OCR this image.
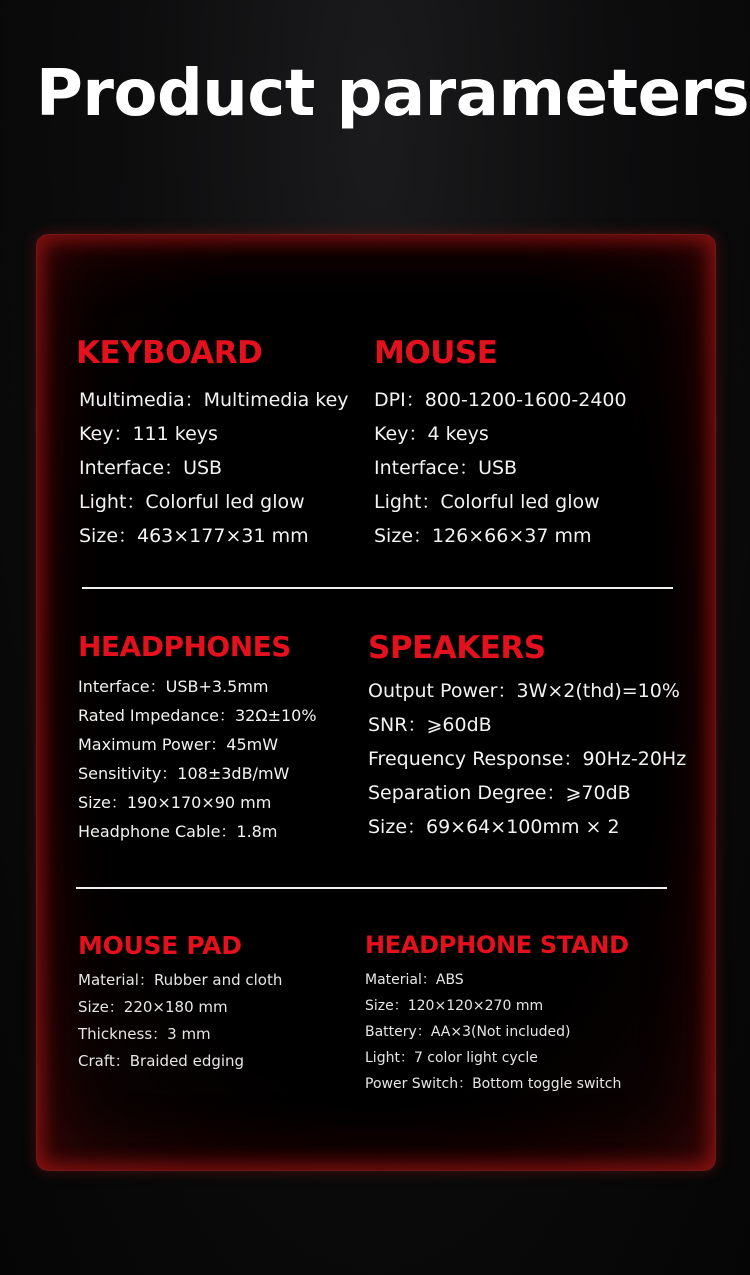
Product parameters
KEYBOARD
Multimedia：Multimedia key
Key：111 keys
Interface：USB
Light：Colorful led glow
Size：463×177×31 mm
MOUSE
DPI：800-1200-1600-2400
Key：4 keys
Interface：USB
Light：Colorful led glow
Size：126×66×37 mm
HEADPHONES
Interface：USB+3.5mm
Rated Impedance：32Ω±10%
Maximum Power：45mW
Sensitivity：108±3dB/mW
Size：190×170×90 mm
Headphone Cable：1.8m
SPEAKERS
Output Power：3W×2(thd)=10%
SNR：⩾60dB
Frequency Response：90Hz-20Hz
Separation Degree：⩾70dB
Size：69×64×100mm × 2
MOUSE PAD
Material：Rubber and cloth
Size：220×180 mm
Thickness：3 mm
Craft：Braided edging
HEADPHONE STAND
Material：ABS
Size：120×120×270 mm
Battery：AA×3(Not included)
Light：7 color light cycle
Power Switch：Bottom toggle switch
